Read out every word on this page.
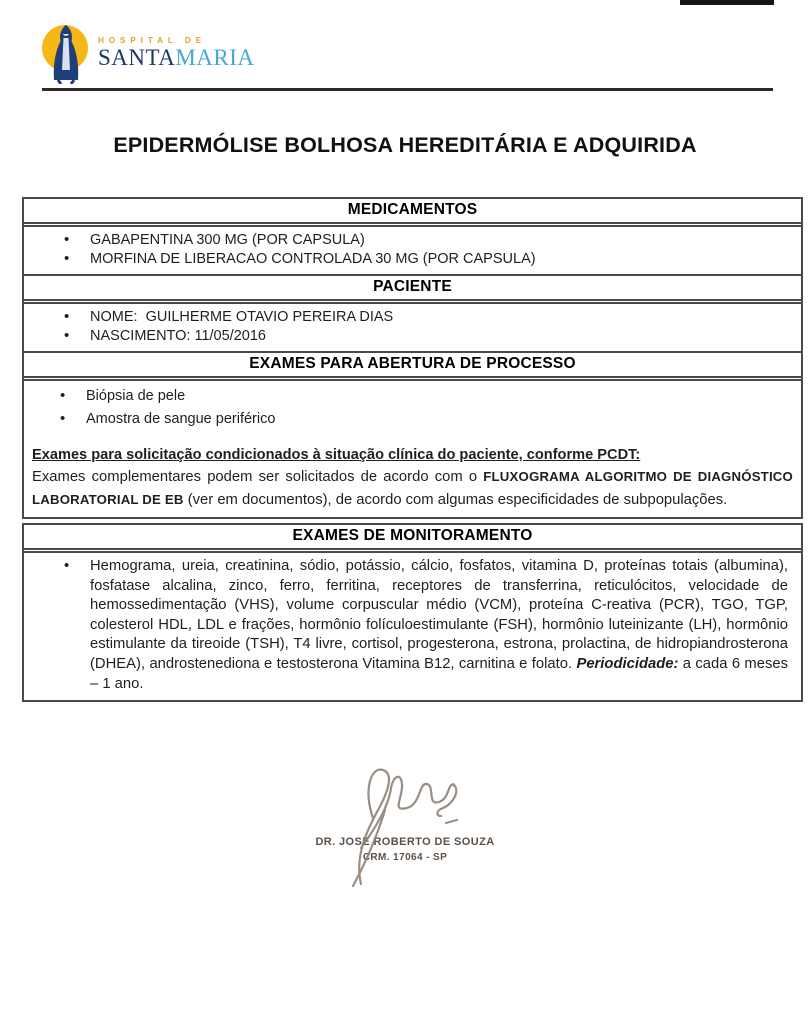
HOSPITAL DE
SANTAMARIA
EPIDERMÓLISE BOLHOSA HEREDITÁRIA E ADQUIRIDA
MEDICAMENTOS
• GABAPENTINA 300 MG (POR CAPSULA)
• MORFINA DE LIBERACAO CONTROLADA 30 MG (POR CAPSULA)
PACIENTE
• NOME:  GUILHERME OTAVIO PEREIRA DIAS
• NASCIMENTO: 11/05/2016
EXAMES PARA ABERTURA DE PROCESSO
• Biópsia de pele
• Amostra de sangue periférico
Exames para solicitação condicionados à situação clínica do paciente, conforme PCDT:

Exames complementares podem ser solicitados de acordo com o FLUXOGRAMA ALGORITMO DE DIAGNÓSTICO LABORATORIAL DE EB (ver em documentos), de acordo com algumas especificidades de subpopulações.

EXAMES DE MONITORAMENTO
• Hemograma, ureia, creatinina, sódio, potássio, cálcio, fosfatos, vitamina D, proteínas totais (albumina), fosfatase alcalina, zinco, ferro, ferritina, receptores de transferrina, reticulócitos, velocidade de hemossedimentação (VHS), volume corpuscular médio (VCM), proteína C-reativa (PCR), TGO, TGP, colesterol HDL, LDL e frações, hormônio folículoestimulante (FSH), hormônio luteinizante (LH), hormônio estimulante da tireoide (TSH), T4 livre, cortisol, progesterona, estrona, prolactina, de hidropiandrosterona (DHEA), androstenediona e testosterona Vitamina B12, carnitina e folato. Periodicidade: a cada 6 meses – 1 ano.
DR. JOSE ROBERTO DE SOUZA
CRM. 17064 - SP
